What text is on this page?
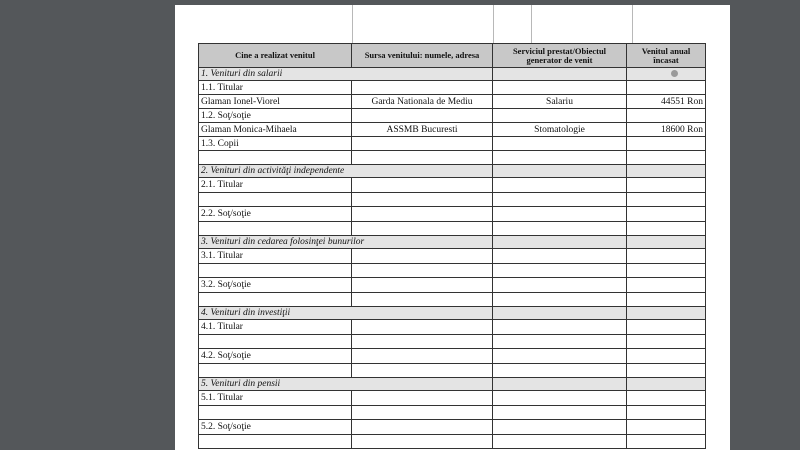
Cine a realizat venitul	Sursa venitului: numele, adresa	Serviciul prestat/Obiectul generator de venit	Venitul anual încasat
1. Venituri din salarii			
1.1. Titular			
Glaman Ionel-Viorel	Garda Nationala de Mediu	Salariu	44551 Ron
1.2. Soţ/soţie			
Glaman Monica-Mihaela	ASSMB Bucuresti	Stomatologie	18600 Ron
1.3. Copii			

2. Venituri din activităţi independente			
2.1. Titular			

2.2. Soţ/soţie			

3. Venituri din cedarea folosinţei bunurilor			
3.1. Titular			

3.2. Soţ/soţie			

4. Venituri din investiţii			
4.1. Titular			

4.2. Soţ/soţie			

5. Venituri din pensii			
5.1. Titular			

5.2. Soţ/soţie			
